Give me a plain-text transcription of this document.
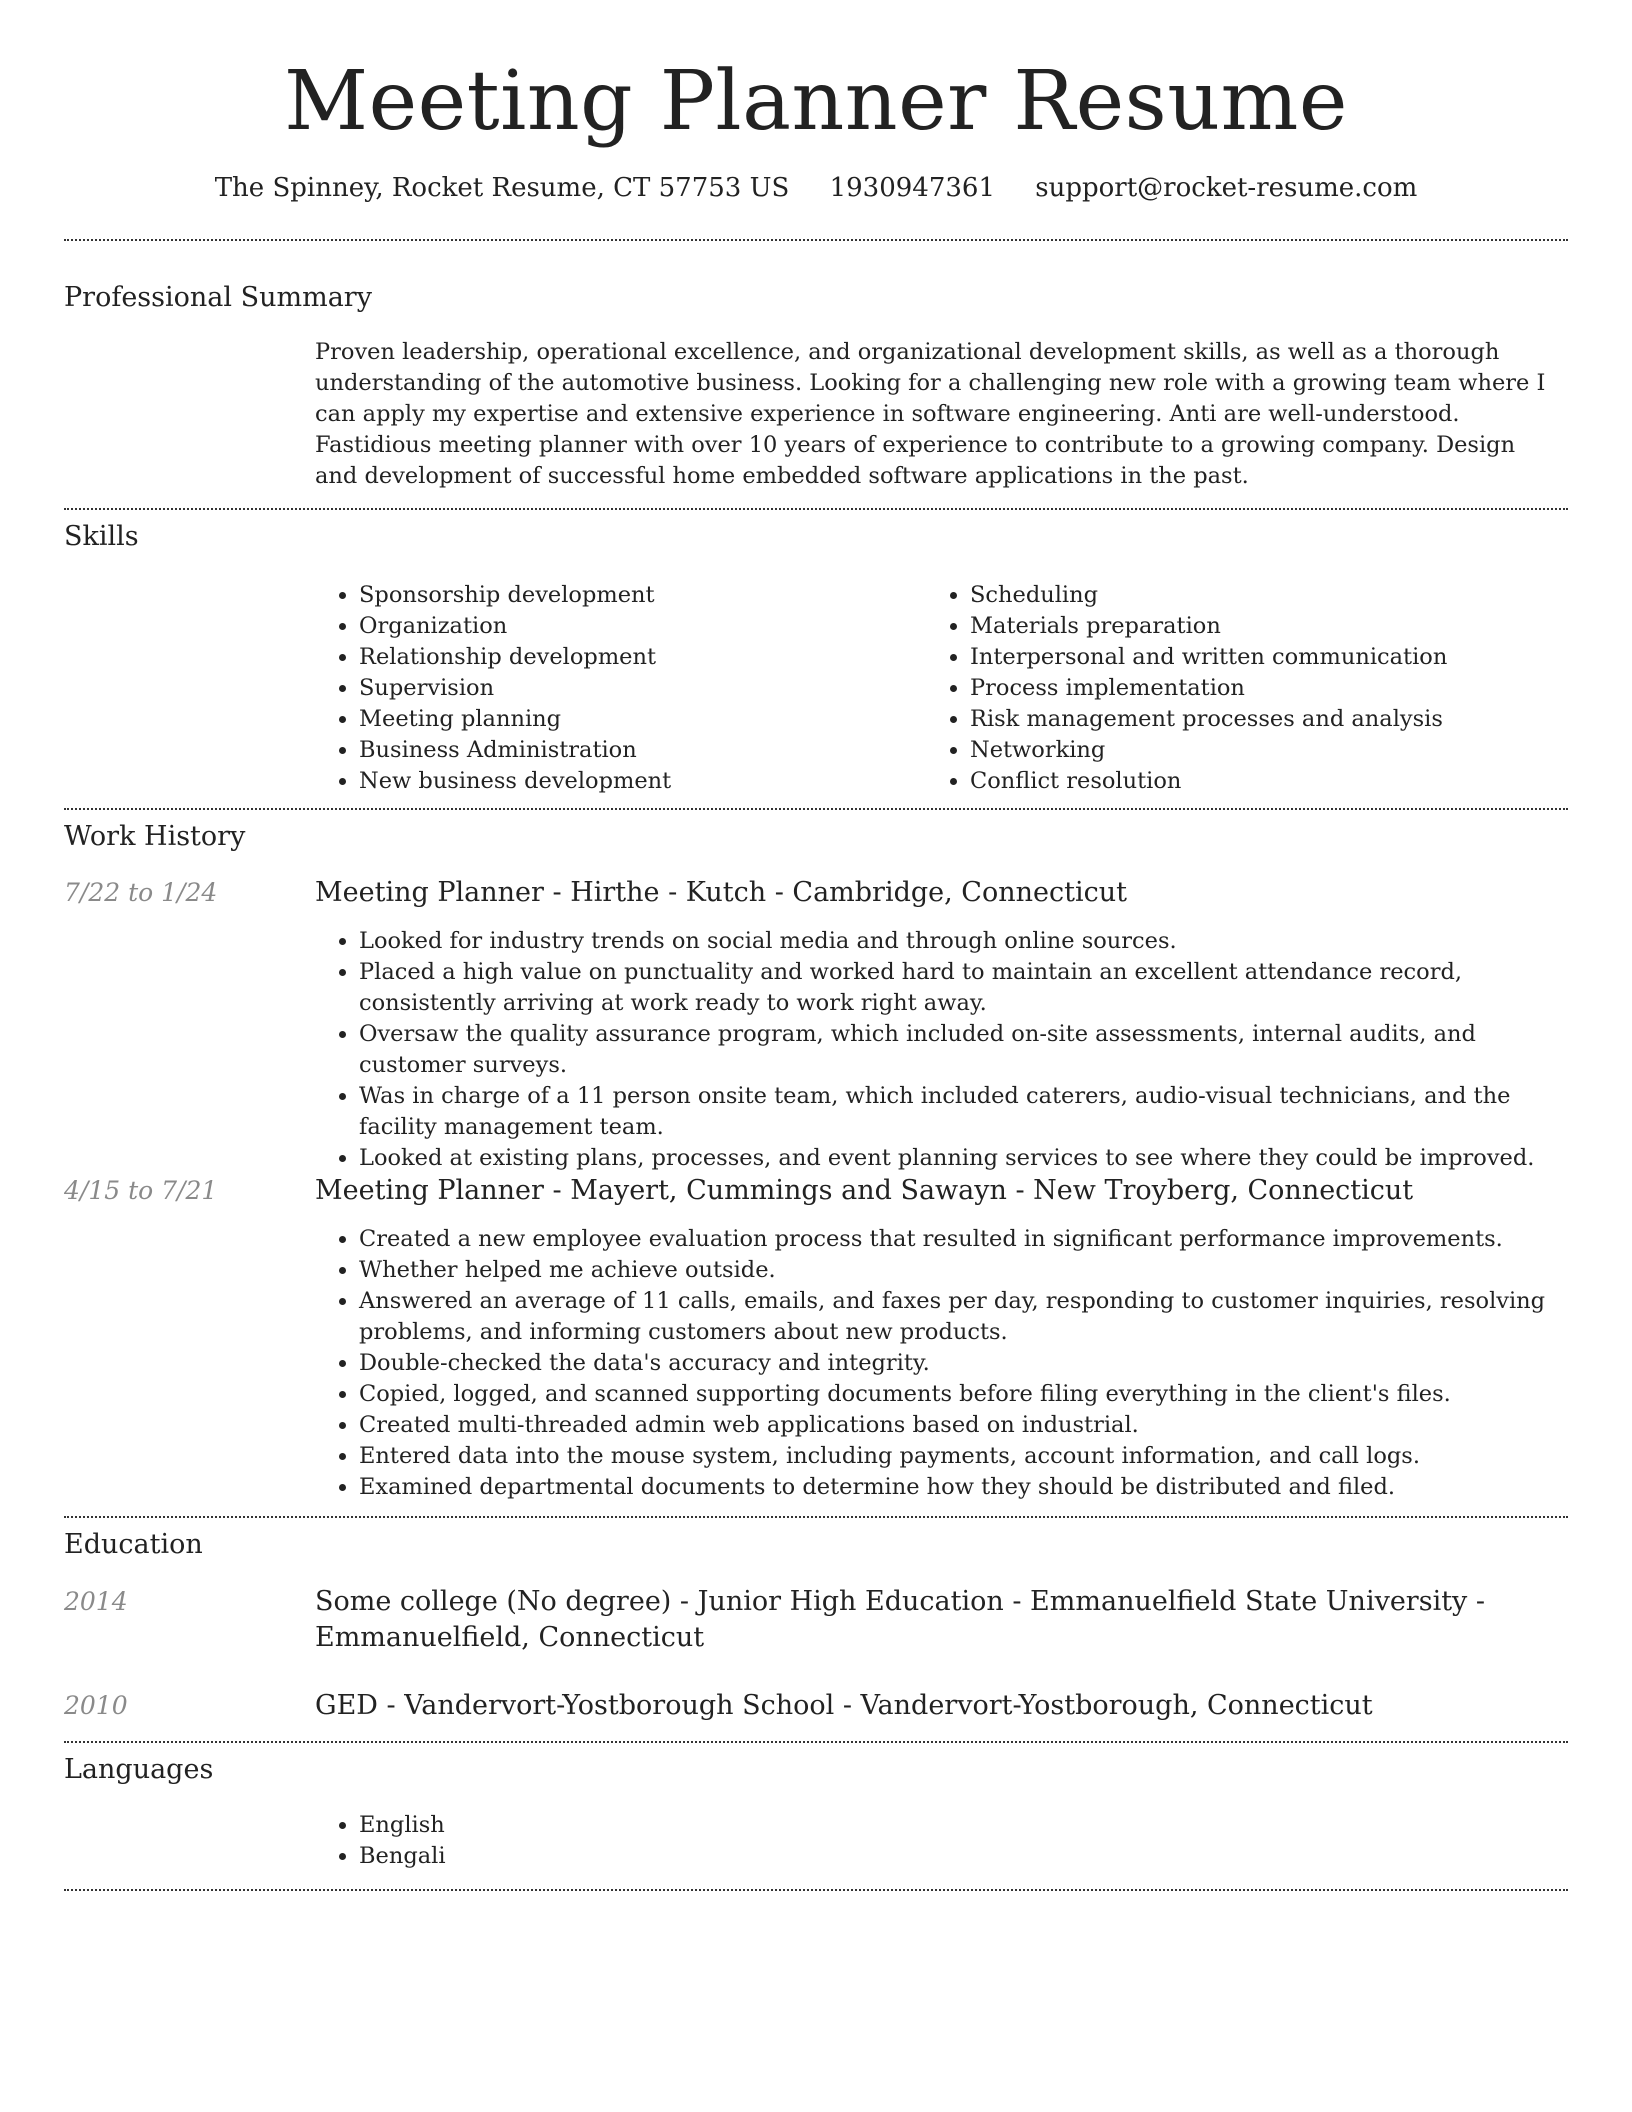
Meeting Planner Resume
The Spinney, Rocket Resume, CT 57753 US 1930947361 support@rocket-resume.com
Professional Summary
Proven leadership, operational excellence, and organizational development skills, as well as a thorough understanding of the automotive business. Looking for a challenging new role with a growing team where I can apply my expertise and extensive experience in software engineering. Anti are well-understood. Fastidious meeting planner with over 10 years of experience to contribute to a growing company. Design and development of successful home embedded software applications in the past.
Skills
• Sponsorship development
• Organization
• Relationship development
• Supervision
• Meeting planning
• Business Administration
• New business development
• Scheduling
• Materials preparation
• Interpersonal and written communication
• Process implementation
• Risk management processes and analysis
• Networking
• Conflict resolution
Work History
7/22 to 1/24	Meeting Planner - Hirthe - Kutch - Cambridge, Connecticut
• Looked for industry trends on social media and through online sources.
• Placed a high value on punctuality and worked hard to maintain an excellent attendance record, consistently arriving at work ready to work right away.
• Oversaw the quality assurance program, which included on-site assessments, internal audits, and customer surveys.
• Was in charge of a 11 person onsite team, which included caterers, audio-visual technicians, and the facility management team.
• Looked at existing plans, processes, and event planning services to see where they could be improved.
4/15 to 7/21	Meeting Planner - Mayert, Cummings and Sawayn - New Troyberg, Connecticut
• Created a new employee evaluation process that resulted in significant performance improvements.
• Whether helped me achieve outside.
• Answered an average of 11 calls, emails, and faxes per day, responding to customer inquiries, resolving problems, and informing customers about new products.
• Double-checked the data's accuracy and integrity.
• Copied, logged, and scanned supporting documents before filing everything in the client's files.
• Created multi-threaded admin web applications based on industrial.
• Entered data into the mouse system, including payments, account information, and call logs.
• Examined departmental documents to determine how they should be distributed and filed.
Education
2014	Some college (No degree) - Junior High Education - Emmanuelfield State University - Emmanuelfield, Connecticut
2010	GED - Vandervort-Yostborough School - Vandervort-Yostborough, Connecticut
Languages
• English
• Bengali
